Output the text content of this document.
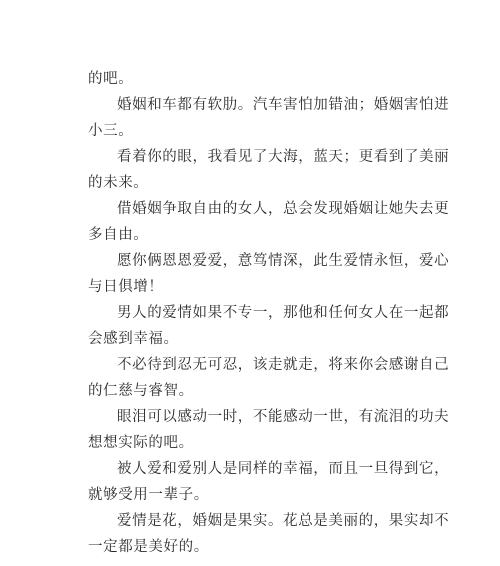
的吧。
婚姻和车都有软肋。汽车害怕加错油；婚姻害怕进
小三。
看着你的眼，我看见了大海，蓝天；更看到了美丽
的未来。
借婚姻争取自由的女人，总会发现婚姻让她失去更
多自由。
愿你俩恩恩爱爱，意笃情深，此生爱情永恒，爱心
与日俱增！
男人的爱情如果不专一，那他和任何女人在一起都
会感到幸福。
不必待到忍无可忍，该走就走，将来你会感谢自己
的仁慈与睿智。
眼泪可以感动一时，不能感动一世，有流泪的功夫
想想实际的吧。
被人爱和爱别人是同样的幸福，而且一旦得到它，
就够受用一辈子。
爱情是花，婚姻是果实。花总是美丽的，果实却不
一定都是美好的。
